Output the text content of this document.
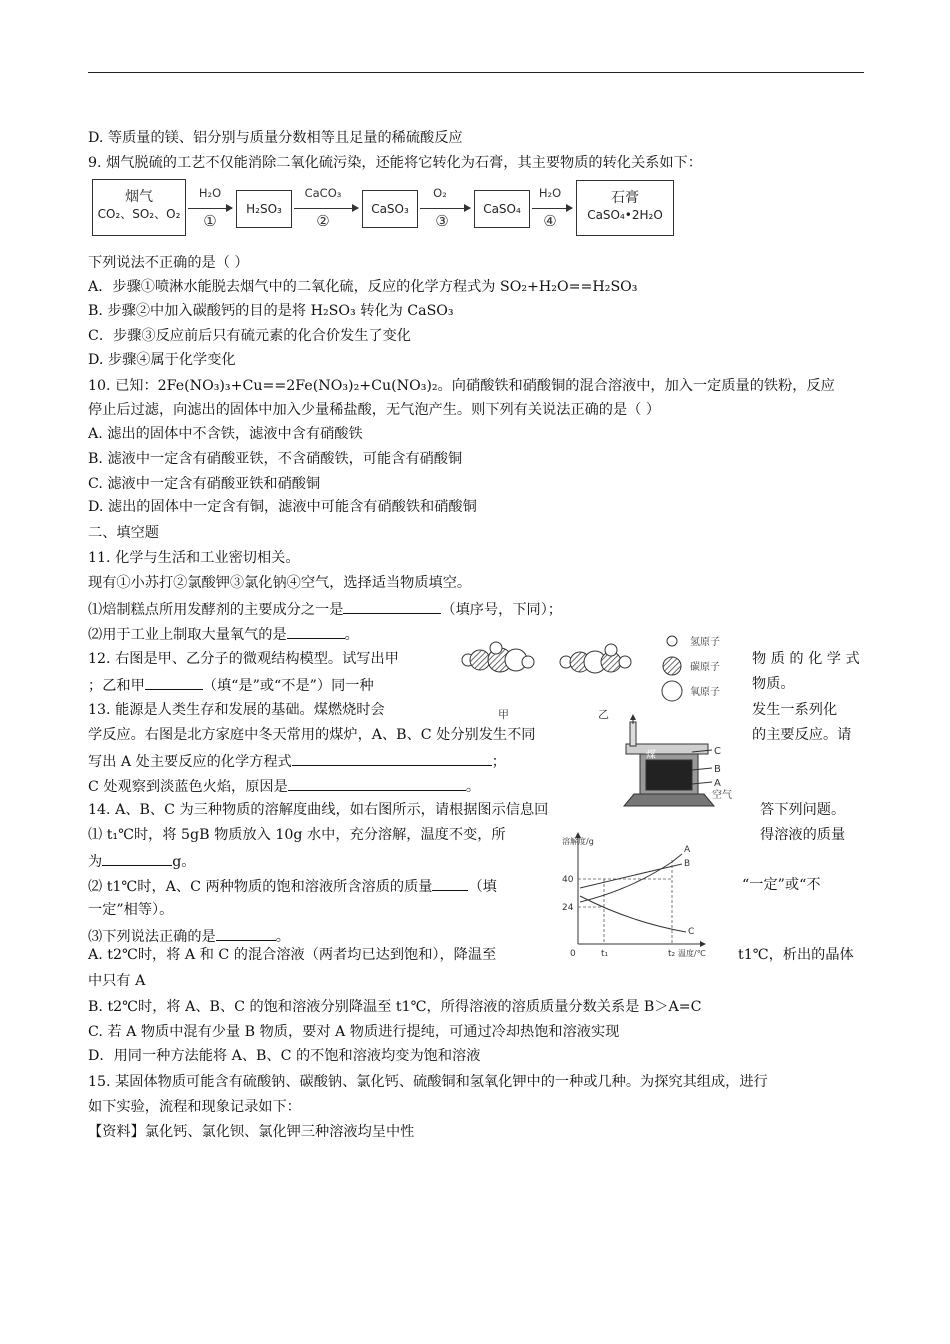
D. 等质量的镁、铝分别与质量分数相等且足量的稀硫酸反应
9. 烟气脱硫的工艺不仅能消除二氧化硫污染，还能将它转化为石膏，其主要物质的转化关系如下：
烟气
CO₂、SO₂、O₂
H₂O
①
H₂SO₃
CaCO₃
②
CaSO₃
O₂
③
CaSO₄
H₂O
④
石膏
CaSO₄•2H₂O
下列说法不正确的是（ ）
A．步骤①喷淋水能脱去烟气中的二氧化硫，反应的化学方程式为 SO₂+H₂O==H₂SO₃
B. 步骤②中加入碳酸钙的目的是将 H₂SO₃ 转化为 CaSO₃
C．步骤③反应前后只有硫元素的化合价发生了变化
D. 步骤④属于化学变化
10. 已知：2Fe(NO₃)₃+Cu==2Fe(NO₃)₂+Cu(NO₃)₂。向硝酸铁和硝酸铜的混合溶液中，加入一定质量的铁粉，反应
停止后过滤，向滤出的固体中加入少量稀盐酸，无气泡产生。则下列有关说法正确的是（ ）
A. 滤出的固体中不含铁，滤液中含有硝酸铁
B. 滤液中一定含有硝酸亚铁，不含硝酸铁，可能含有硝酸铜
C. 滤液中一定含有硝酸亚铁和硝酸铜
D. 滤出的固体中一定含有铜，滤液中可能含有硝酸铁和硝酸铜
二、填空题
11. 化学与生活和工业密切相关。
现有①小苏打②氯酸钾③氯化钠④空气，选择适当物质填空。
⑴焙制糕点所用发酵剂的主要成分之一是	（填序号，下同）；
⑵用于工业上制取大量氧气的是	。
12. 右图是甲、乙分子的微观结构模型。试写出甲	物 质 的 化 学 式
；乙和甲	（填“是”或“不是”）同一种	物质。
甲	乙
氢原子
碳原子
氧原子
13. 能源是人类生存和发展的基础。煤燃烧时会	发生一系列化
学反应。右图是北方家庭中冬天常用的煤炉，A、B、C 处分别发生不同	的主要反应。请
写出 A 处主要反应的化学方程式	；
C 处观察到淡蓝色火焰，原因是	。
煤	C
B
A
空气
14. A、B、C 为三种物质的溶解度曲线，如右图所示，请根据图示信息回	答下列问题。
⑴ t₁℃时，将 5gB 物质放入 10g 水中，充分溶解，温度不变，所	得溶液的质量
为	g。
⑵ t1℃时，A、C 两种物质的饱和溶液所含溶质的质量	（填	“一定”或“不
一定”相等）。
⑶下列说法正确的是	。
A. t2℃时，将 A 和 C 的混合溶液（两者均已达到饱和），降温至	t1℃，析出的晶体
中只有 A
B. t2℃时，将 A、B、C 的饱和溶液分别降温至 t1℃，所得溶液的溶质质量分数关系是 B＞A=C
C. 若 A 物质中混有少量 B 物质，要对 A 物质进行提纯，可通过冷却热饱和溶液实现
D．用同一种方法能将 A、B、C 的不饱和溶液均变为饱和溶液
15. 某固体物质可能含有硫酸钠、碳酸钠、氯化钙、硫酸铜和氢氧化钾中的一种或几种。为探究其组成，进行
如下实验，流程和现象记录如下：
【资料】氯化钙、氯化钡、氯化钾三种溶液均呈中性
溶解度/g
40
24
0	t₁	t₂ 温度/℃
A
B
C
